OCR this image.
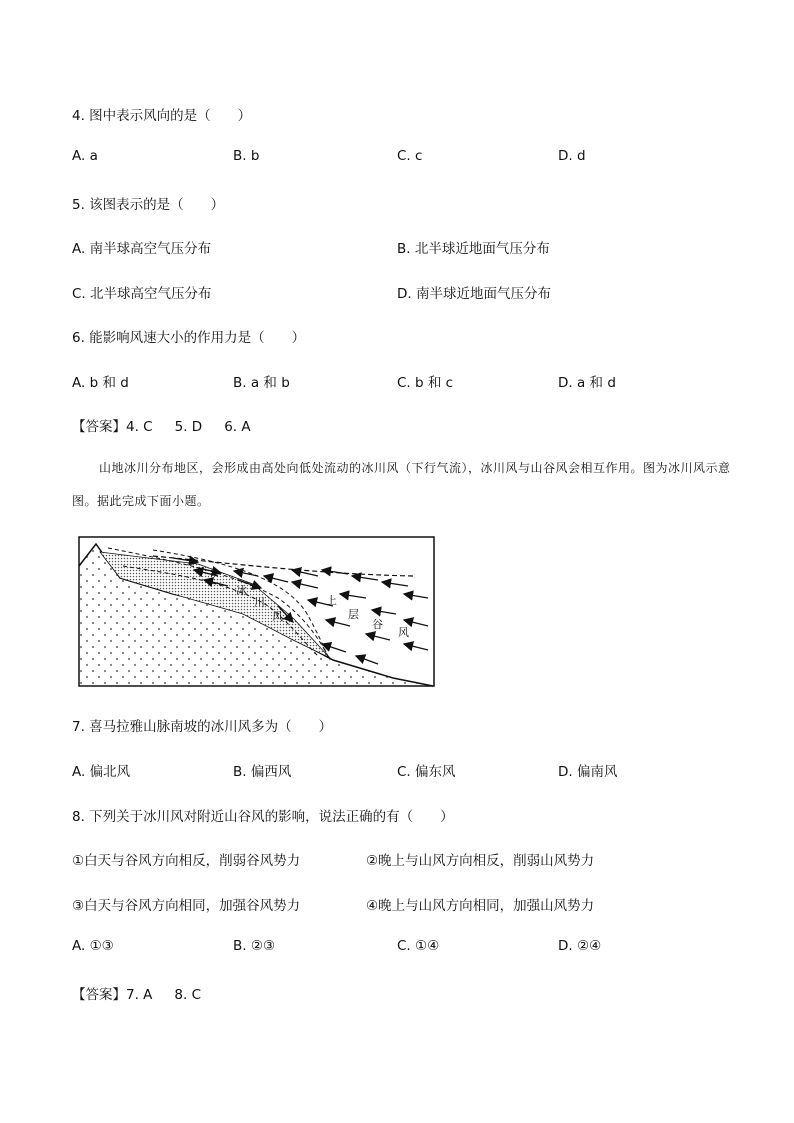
4. 图中表示风向的是（　　）
A. a	B. b	C. c	D. d
5. 该图表示的是（　　）
A. 南半球高空气压分布	B. 北半球近地面气压分布
C. 北半球高空气压分布	D. 南半球近地面气压分布
6. 能影响风速大小的作用力是（　　）
A. b 和 d	B. a 和 b	C. b 和 c	D. a 和 d
【答案】4. C 5. D 6. A
山地冰川分布地区，会形成由高处向低处流动的冰川风（下行气流），冰川风与山谷风会相互作用。图为冰川风示意图。据此完成下面小题。
冰
川
风
上
层
谷
风
7. 喜马拉雅山脉南坡的冰川风多为（　　）
A. 偏北风	B. 偏西风	C. 偏东风	D. 偏南风
8. 下列关于冰川风对附近山谷风的影响，说法正确的有（　　）
①白天与谷风方向相反，削弱谷风势力	②晚上与山风方向相反，削弱山风势力
③白天与谷风方向相同，加强谷风势力	④晚上与山风方向相同，加强山风势力
A. ①③	B. ②③	C. ①④	D. ②④
【答案】7. A 8. C
